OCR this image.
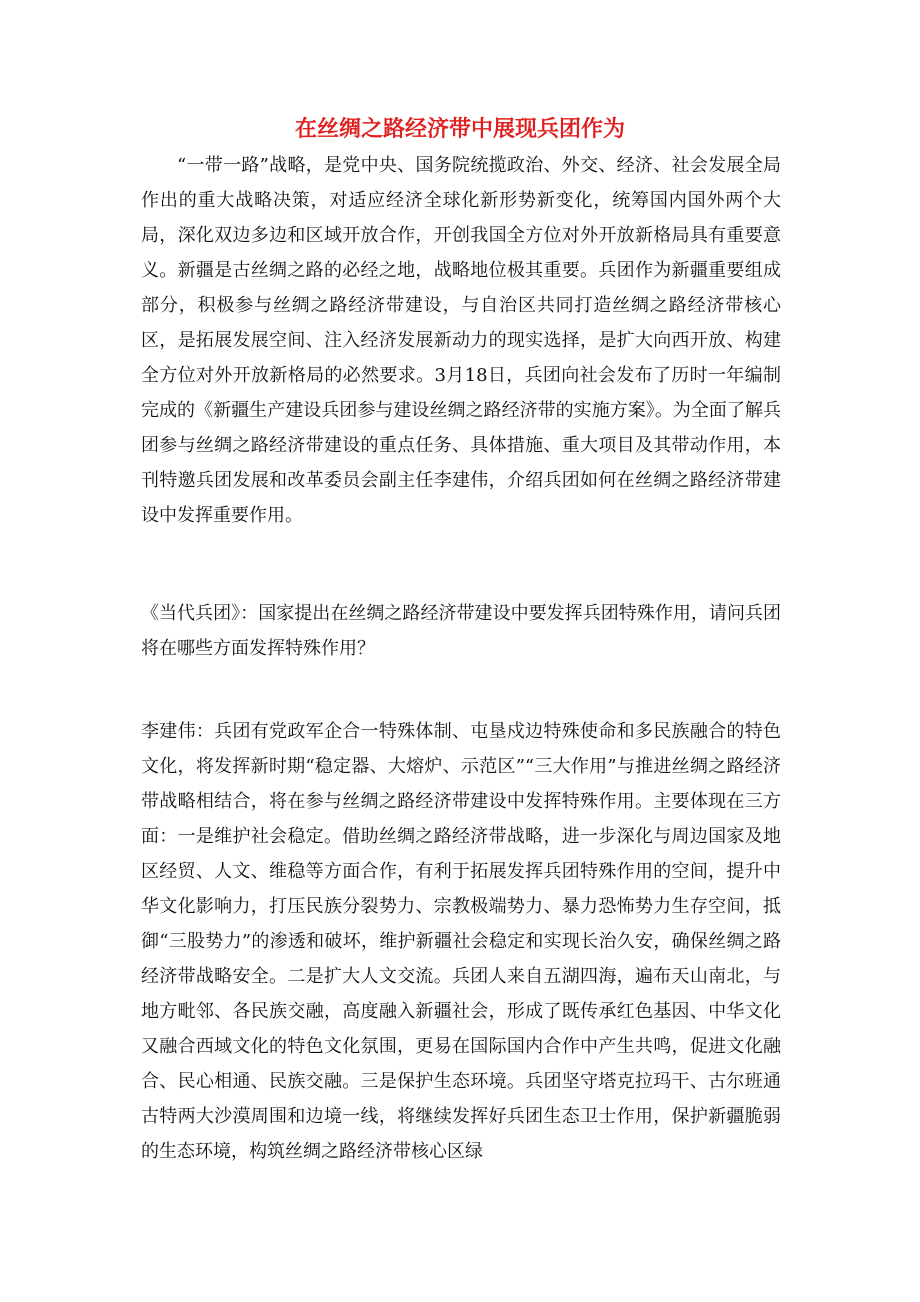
在丝绸之路经济带中展现兵团作为

“一带一路”战略，是党中央、国务院统揽政治、外交、经济、社会发展全局作出的重大战略决策，对适应经济全球化新形势新变化，统筹国内国外两个大局，深化双边多边和区域开放合作，开创我国全方位对外开放新格局具有重要意义。新疆是古丝绸之路的必经之地，战略地位极其重要。兵团作为新疆重要组成部分，积极参与丝绸之路经济带建设，与自治区共同打造丝绸之路经济带核心区，是拓展发展空间、注入经济发展新动力的现实选择，是扩大向西开放、构建全方位对外开放新格局的必然要求。3月18日，兵团向社会发布了历时一年编制完成的《新疆生产建设兵团参与建设丝绸之路经济带的实施方案》。为全面了解兵团参与丝绸之路经济带建设的重点任务、具体措施、重大项目及其带动作用，本刊特邀兵团发展和改革委员会副主任李建伟，介绍兵团如何在丝绸之路经济带建设中发挥重要作用。

《当代兵团》：国家提出在丝绸之路经济带建设中要发挥兵团特殊作用，请问兵团将在哪些方面发挥特殊作用？

李建伟：兵团有党政军企合一特殊体制、屯垦戍边特殊使命和多民族融合的特色文化，将发挥新时期“稳定器、大熔炉、示范区”“三大作用”与推进丝绸之路经济带战略相结合，将在参与丝绸之路经济带建设中发挥特殊作用。主要体现在三方面：一是维护社会稳定。借助丝绸之路经济带战略，进一步深化与周边国家及地区经贸、人文、维稳等方面合作，有利于拓展发挥兵团特殊作用的空间，提升中华文化影响力，打压民族分裂势力、宗教极端势力、暴力恐怖势力生存空间，抵御“三股势力”的渗透和破坏，维护新疆社会稳定和实现长治久安，确保丝绸之路经济带战略安全。二是扩大人文交流。兵团人来自五湖四海，遍布天山南北，与地方毗邻、各民族交融，高度融入新疆社会，形成了既传承红色基因、中华文化又融合西域文化的特色文化氛围，更易在国际国内合作中产生共鸣，促进文化融合、民心相通、民族交融。三是保护生态环境。兵团坚守塔克拉玛干、古尔班通古特两大沙漠周围和边境一线，将继续发挥好兵团生态卫士作用，保护新疆脆弱的生态环境，构筑丝绸之路经济带核心区绿
